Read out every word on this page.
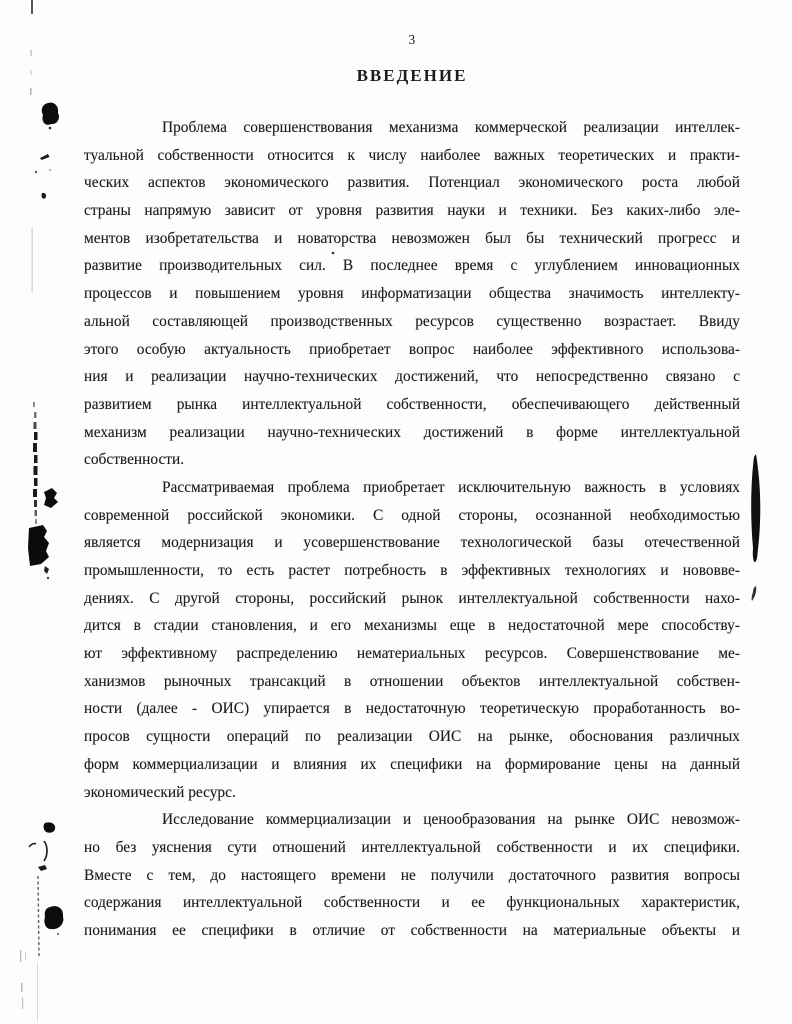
3
ВВЕДЕНИЕ
Проблема совершенствования механизма коммерческой реализации интеллек-
туальной собственности относится к числу наиболее важных теоретических и практи-
ческих аспектов экономического развития. Потенциал экономического роста любой
страны напрямую зависит от уровня развития науки и техники. Без каких-либо эле-
ментов изобретательства и новаторства невозможен был бы технический прогресс и
развитие производительных сил. В последнее время с углублением инновационных
процессов и повышением уровня информатизации общества значимость интеллекту-
альной составляющей производственных ресурсов существенно возрастает. Ввиду
этого особую актуальность приобретает вопрос наиболее эффективного использова-
ния и реализации научно-технических достижений, что непосредственно связано с
развитием рынка интеллектуальной собственности, обеспечивающего действенный
механизм реализации научно-технических достижений в форме интеллектуальной
собственности.
Рассматриваемая проблема приобретает исключительную важность в условиях
современной российской экономики. С одной стороны, осознанной необходимостью
является модернизация и усовершенствование технологической базы отечественной
промышленности, то есть растет потребность в эффективных технологиях и нововве-
дениях. С другой стороны, российский рынок интеллектуальной собственности нахо-
дится в стадии становления, и его механизмы еще в недостаточной мере способству-
ют эффективному распределению нематериальных ресурсов. Совершенствование ме-
ханизмов рыночных трансакций в отношении объектов интеллектуальной собствен-
ности (далее - ОИС) упирается в недостаточную теоретическую проработанность во-
просов сущности операций по реализации ОИС на рынке, обоснования различных
форм коммерциализации и влияния их специфики на формирование цены на данный
экономический ресурс.
Исследование коммерциализации и ценообразования на рынке ОИС невозмож-
но без уяснения сути отношений интеллектуальной собственности и их специфики.
Вместе с тем, до настоящего времени не получили достаточного развития вопросы
содержания интеллектуальной собственности и ее функциональных характеристик,
понимания ее специфики в отличие от собственности на материальные объекты и
